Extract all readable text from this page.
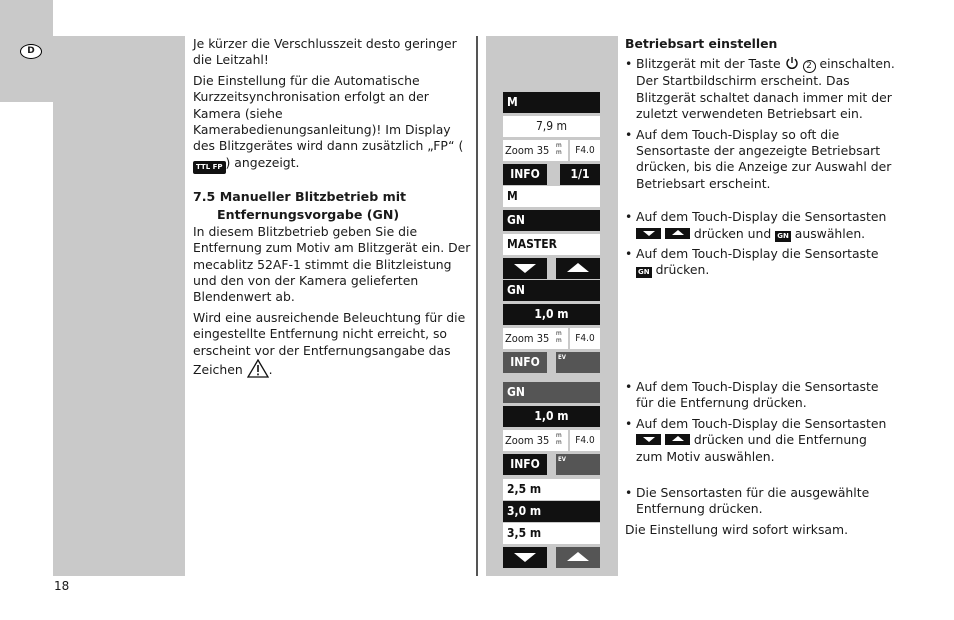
D
18

Je kürzer die Verschlusszeit desto geringer die Leitzahl!

Die Einstellung für die Automatische Kurzzeitsynchronisation erfolgt an der Kamera (siehe Kamerabedienungsanleitung)! Im Display des Blitzgerätes wird dann zusätzlich „FP“ (TTL FP ) angezeigt.

7.5 Manueller Blitzbetrieb mit
Entfernungsvorgabe (GN)

In diesem Blitzbetrieb geben Sie die Entfernung zum Motiv am Blitzgerät ein. Der mecablitz 52AF-1 stimmt die Blitzleistung und den von der Kamera gelieferten Blendenwert ab.

Wird eine ausreichende Beleuchtung für die eingestellte Entfernung nicht erreicht, so erscheint vor der Entfernungsangabe das Zeichen .

M
7,9 m
Zoom 35 m
m	F4.0
INFO	1/1
M
GN
MASTER
GN
1,0 m
Zoom 35 m
m	F4.0
INFO	EV
GN
1,0 m
Zoom 35 m
m	F4.0
INFO	EV
2,5 m
3,0 m
3,5 m
Betriebsart einstellen
• Blitzgerät mit der Taste	2 einschalten. Der Startbildschirm erscheint. Das Blitzgerät schaltet danach immer mit der zuletzt verwendeten Betriebsart ein.
• Auf dem Touch-Display so oft die Sensortaste der angezeigte Betriebsart drücken, bis die Anzeige zur Auswahl der Betriebsart erscheint.
• Auf dem Touch-Display die Sensortasten
drücken und GN auswählen.
• Auf dem Touch-Display die Sensortaste GN drücken.
• Auf dem Touch-Display die Sensortaste für die Entfernung drücken.
• Auf dem Touch-Display die Sensortasten
drücken und die Entfernung zum Motiv auswählen.
• Die Sensortasten für die ausgewählte Entfernung drücken.

Die Einstellung wird sofort wirksam.
